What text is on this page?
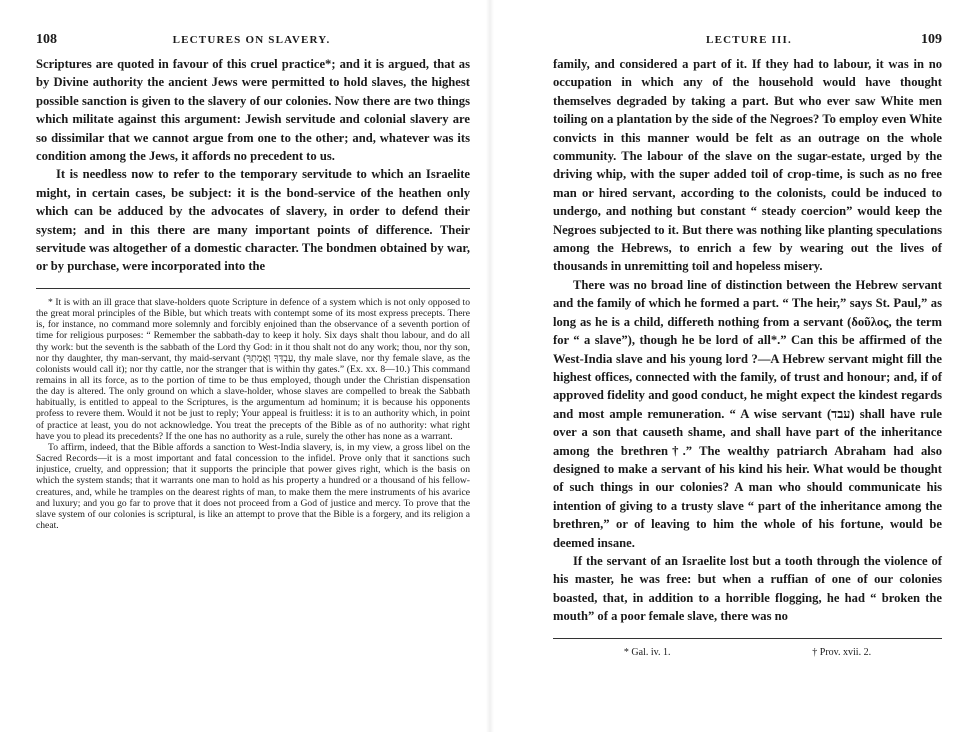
108	LECTURES ON SLAVERY.

Scriptures are quoted in favour of this cruel practice*; and it is argued, that as by Divine authority the ancient Jews were permitted to hold slaves, the highest possible sanction is given to the slavery of our colonies. Now there are two things which militate against this argument: Jewish servitude and colonial slavery are so dissimilar that we cannot argue from one to the other; and, whatever was its condition among the Jews, it affords no precedent to us.

It is needless now to refer to the temporary servitude to which an Israelite might, in certain cases, be subject: it is the bond-service of the heathen only which can be adduced by the advocates of slavery, in order to defend their system; and in this there are many important points of difference. Their servitude was altogether of a domestic character. The bondmen obtained by war, or by purchase, were incorporated into the

* It is with an ill grace that slave-holders quote Scripture in defence of a system which is not only opposed to the great moral principles of the Bible, but which treats with contempt some of its most express precepts. There is, for instance, no command more solemnly and forcibly enjoined than the observance of a seventh portion of time for religious purposes: “ Remember the sabbath-day to keep it holy. Six days shalt thou labour, and do all thy work: but the seventh is the sabbath of the Lord thy God: in it thou shalt not do any work; thou, nor thy son, nor thy daughter, thy man-servant, thy maid-servant (עַבְדְּךָ וַאֲמָתְךָ, thy male slave, nor thy female slave, as the colonists would call it); nor thy cattle, nor the stranger that is within thy gates.” (Ex. xx. 8—10.) This command remains in all its force, as to the portion of time to be thus employed, though under the Christian dispensation the day is altered. The only ground on which a slave-holder, whose slaves are compelled to break the Sabbath habitually, is entitled to appeal to the Scriptures, is the argumentum ad hominum; it is because his opponents profess to revere them. Would it not be just to reply; Your appeal is fruitless: it is to an authority which, in point of practice at least, you do not acknowledge. You treat the precepts of the Bible as of no authority: what right have you to plead its precedents? If the one has no authority as a rule, surely the other has none as a warrant.

To affirm, indeed, that the Bible affords a sanction to West-India slavery, is, in my view, a gross libel on the Sacred Records—it is a most important and fatal concession to the infidel. Prove only that it sanctions such injustice, cruelty, and oppression; that it supports the principle that power gives right, which is the basis on which the system stands; that it warrants one man to hold as his property a hundred or a thousand of his fellow-creatures, and, while he tramples on the dearest rights of man, to make them the mere instruments of his avarice and luxury; and you go far to prove that it does not proceed from a God of justice and mercy. To prove that the slave system of our colonies is scriptural, is like an attempt to prove that the Bible is a forgery, and its religion a cheat.

LECTURE III.	109

family, and considered a part of it. If they had to labour, it was in no occupation in which any of the household would have thought themselves degraded by taking a part. But who ever saw White men toiling on a plantation by the side of the Negroes? To employ even White convicts in this manner would be felt as an outrage on the whole community. The labour of the slave on the sugar-estate, urged by the driving whip, with the super added toil of crop-time, is such as no free man or hired servant, according to the colonists, could be induced to undergo, and nothing but constant “ steady coercion” would keep the Negroes subjected to it. But there was nothing like planting speculations among the Hebrews, to enrich a few by wearing out the lives of thousands in unremitting toil and hopeless misery.

There was no broad line of distinction between the Hebrew servant and the family of which he formed a part. “ The heir,” says St. Paul,” as long as he is a child, differeth nothing from a servant (δοῦλος, the term for “ a slave”), though he be lord of all*.” Can this be affirmed of the West-India slave and his young lord ?—A Hebrew servant might fill the highest offices, connected with the family, of trust and honour; and, if of approved fidelity and good conduct, he might expect the kindest regards and most ample remuneration. “ A wise servant (עבד) shall have rule over a son that causeth shame, and shall have part of the inheritance among the brethren†.” The wealthy patriarch Abraham had also designed to make a servant of his kind his heir. What would be thought of such things in our colonies? A man who should communicate his intention of giving to a trusty slave “ part of the inheritance among the brethren,” or of leaving to him the whole of his fortune, would be deemed insane.

If the servant of an Israelite lost but a tooth through the violence of his master, he was free: but when a ruffian of one of our colonies boasted, that, in addition to a horrible flogging, he had “ broken the mouth” of a poor female slave, there was no

* Gal. iv. 1.	† Prov. xvii. 2.
